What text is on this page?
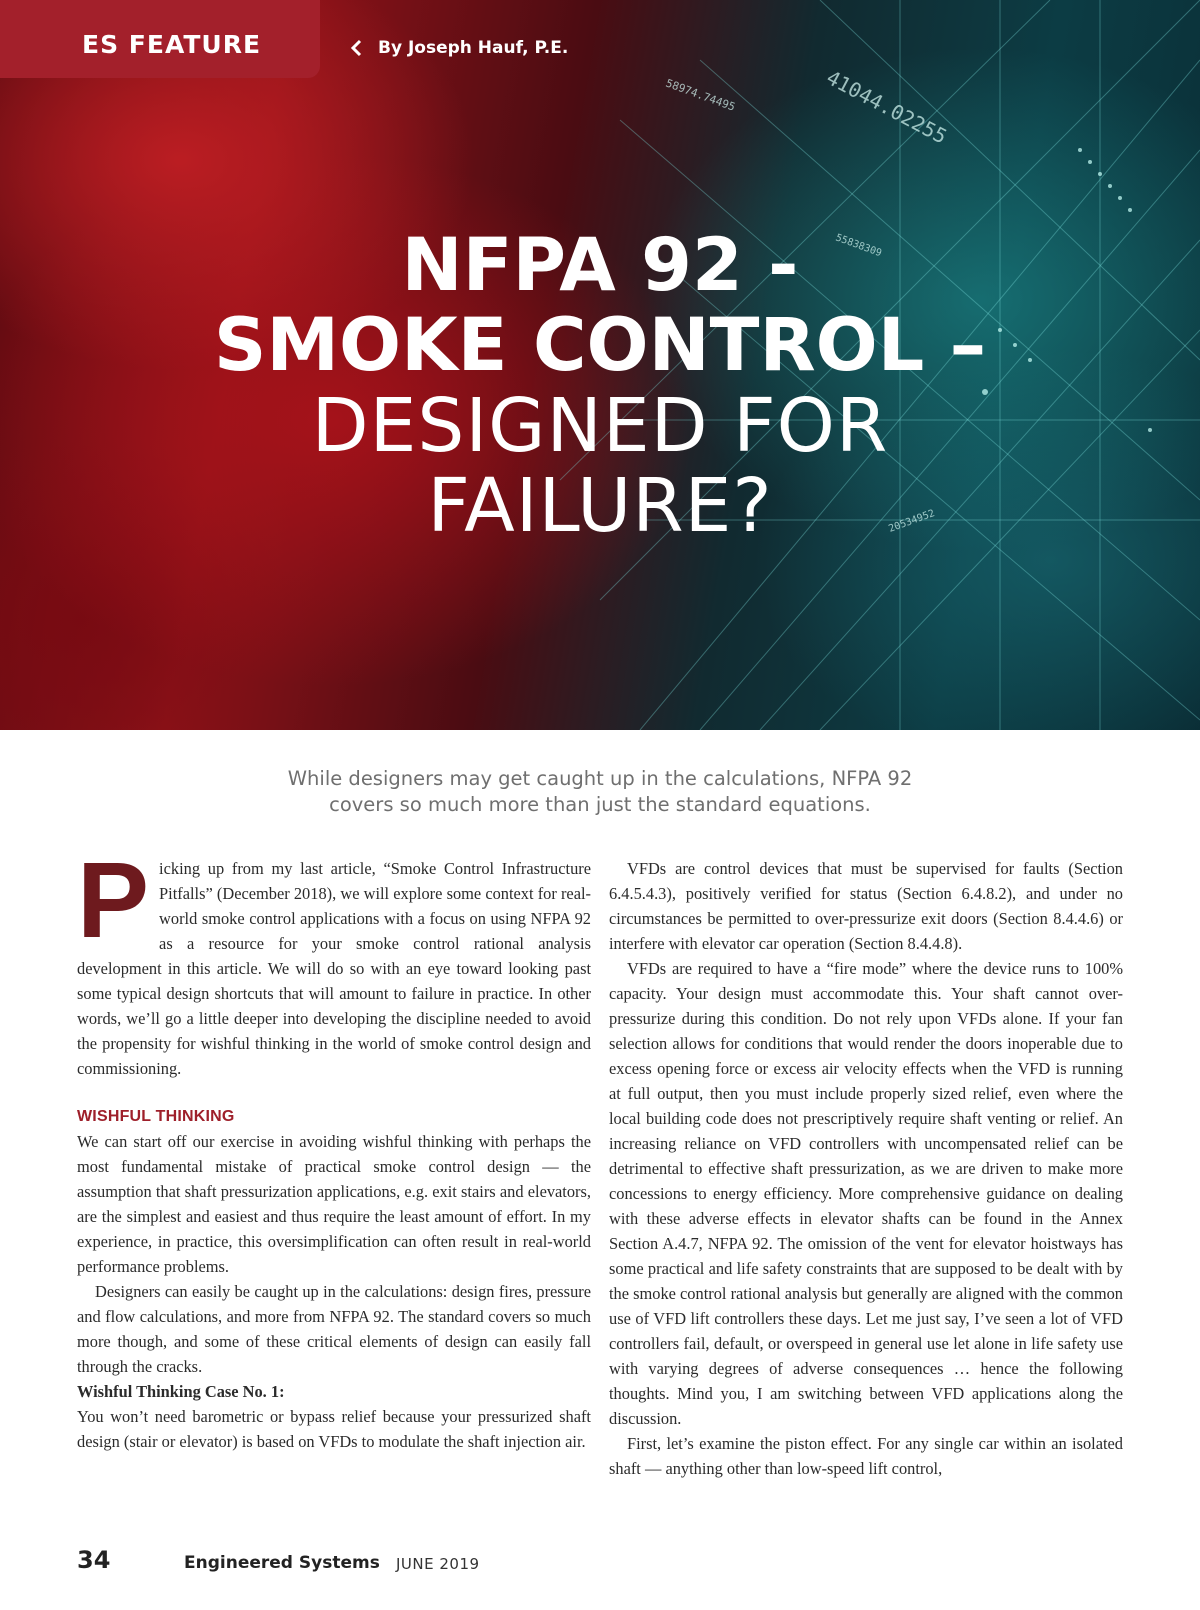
41044.02255
58974.74495
55838309
20534952
ES FEATURE	By Joseph Hauf, P.E.
NFPA 92 -
SMOKE CONTROL –
DESIGNED FOR
FAILURE?
While designers may get caught up in the calculations, NFPA 92
covers so much more than just the standard equations.

Picking up from my last article, “Smoke Control Infrastructure Pitfalls” (December 2018), we will explore some context for real-world smoke control applications with a focus on using NFPA 92 as a resource for your smoke control rational analysis development in this article. We will do so with an eye toward looking past some typical design shortcuts that will amount to failure in practice. In other words, we’ll go a little deeper into developing the discipline needed to avoid the propensity for wishful thinking in the world of smoke control design and commissioning.

WISHFUL THINKING

We can start off our exercise in avoiding wishful thinking with perhaps the most fundamental mistake of practical smoke control design — the assumption that shaft pressurization applications, e.g. exit stairs and elevators, are the simplest and easiest and thus require the least amount of effort. In my experience, in practice, this oversimplification can often result in real-world performance problems.

Designers can easily be caught up in the calculations: design fires, pressure and flow calculations, and more from NFPA 92. The standard covers so much more though, and some of these critical elements of design can easily fall through the cracks.

Wishful Thinking Case No. 1:

You won’t need barometric or bypass relief because your pressurized shaft design (stair or elevator) is based on VFDs to modulate the shaft injection air.

VFDs are control devices that must be supervised for faults (Section 6.4.5.4.3), positively verified for status (Section 6.4.8.2), and under no circumstances be permitted to over-pressurize exit doors (Section 8.4.4.6) or interfere with elevator car operation (Section 8.4.4.8).

VFDs are required to have a “fire mode” where the device runs to 100% capacity. Your design must accommodate this. Your shaft cannot over-pressurize during this condition. Do not rely upon VFDs alone. If your fan selection allows for conditions that would render the doors inoperable due to excess opening force or excess air velocity effects when the VFD is running at full output, then you must include properly sized relief, even where the local building code does not prescriptively require shaft venting or relief. An increasing reliance on VFD controllers with uncompensated relief can be detrimental to effective shaft pressurization, as we are driven to make more concessions to energy efficiency. More comprehensive guidance on dealing with these adverse effects in elevator shafts can be found in the Annex Section A.4.7, NFPA 92. The omission of the vent for elevator hoistways has some practical and life safety constraints that are supposed to be dealt with by the smoke control rational analysis but generally are aligned with the common use of VFD lift controllers these days. Let me just say, I’ve seen a lot of VFD controllers fail, default, or overspeed in general use let alone in life safety use with varying degrees of adverse consequences … hence the following thoughts. Mind you, I am switching between VFD applications along the discussion.

First, let’s examine the piston effect. For any single car within an isolated shaft — anything other than low-speed lift control,

34	Engineered Systems JUNE 2019
